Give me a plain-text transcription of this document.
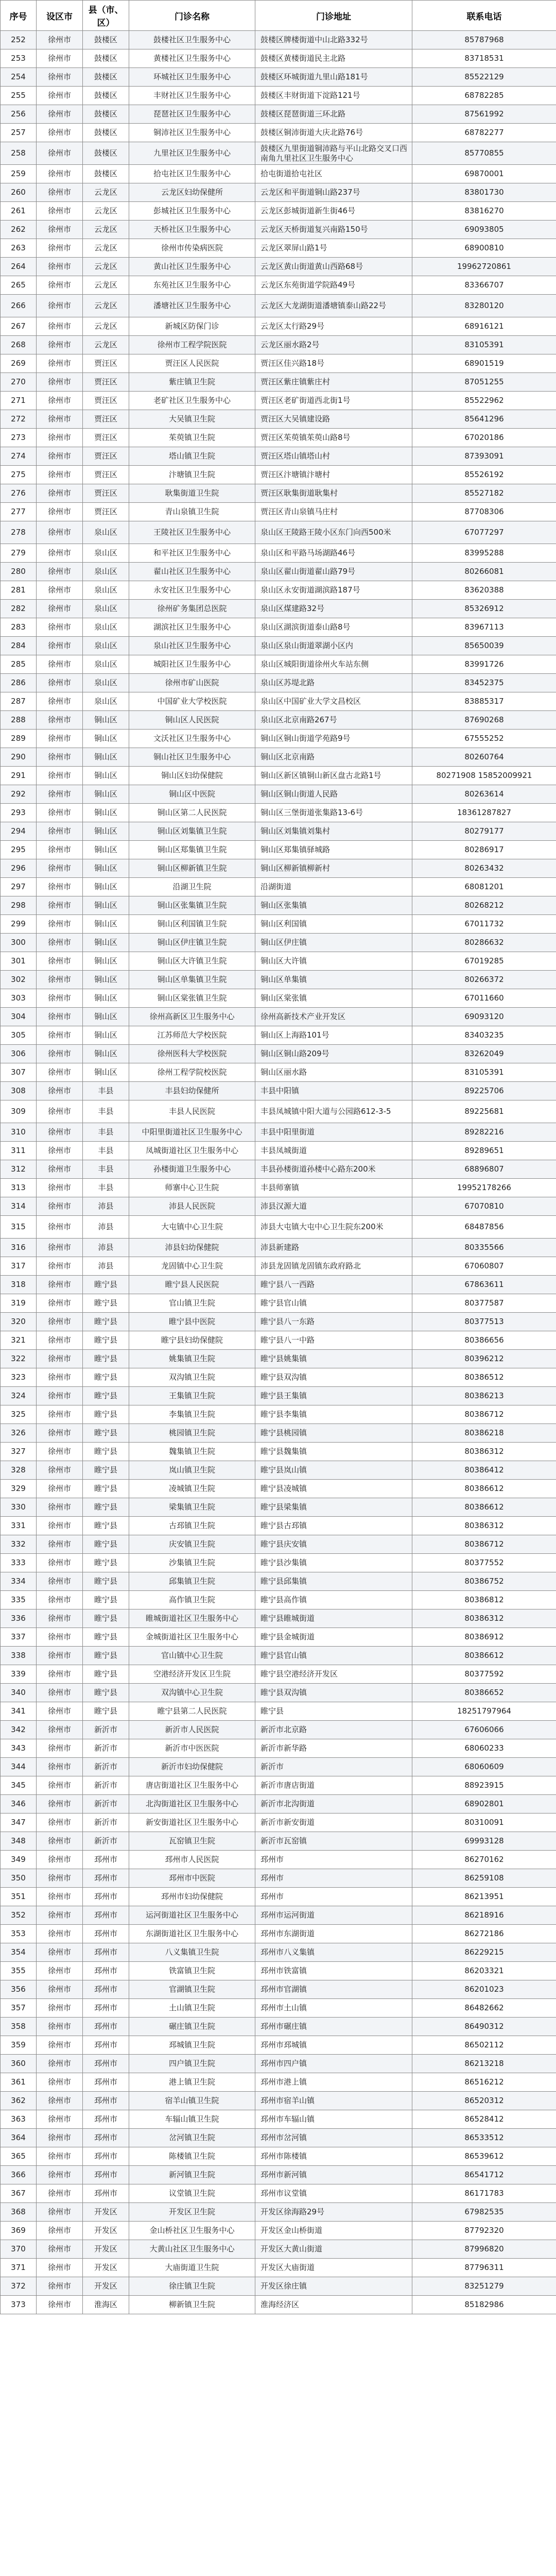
序号	设区市	县（市、区）	门诊名称	门诊地址	联系电话
252	徐州市	鼓楼区	鼓楼社区卫生服务中心	鼓楼区牌楼街道中山北路332号	85787968
253	徐州市	鼓楼区	黄楼社区卫生服务中心	鼓楼区黄楼街道民主北路	83718531
254	徐州市	鼓楼区	环城社区卫生服务中心	鼓楼区环城街道九里山路181号	85522129
255	徐州市	鼓楼区	丰财社区卫生服务中心	鼓楼区丰财街道下淀路121号	68782285
256	徐州市	鼓楼区	琵琶社区卫生服务中心	鼓楼区琵琶街道三环北路	87561992
257	徐州市	鼓楼区	铜沛社区卫生服务中心	鼓楼区铜沛街道大庆北路76号	68782277
258	徐州市	鼓楼区	九里社区卫生服务中心	鼓楼区九里街道铜沛路与平山北路交叉口西南角九里社区卫生服务中心	85770855
259	徐州市	鼓楼区	拾屯社区卫生服务中心	拾屯街道拾屯社区	69870001
260	徐州市	云龙区	云龙区妇幼保健所	云龙区和平街道铜山路237号	83801730
261	徐州市	云龙区	彭城社区卫生服务中心	云龙区彭城街道新生街46号	83816270
262	徐州市	云龙区	天桥社区卫生服务中心	云龙区天桥街道复兴南路150号	69093805
263	徐州市	云龙区	徐州市传染病医院	云龙区翠屏山路1号	68900810
264	徐州市	云龙区	黄山社区卫生服务中心	云龙区黄山街道黄山西路68号	19962720861
265	徐州市	云龙区	东苑社区卫生服务中心	云龙区东苑街道学院路49号	83366707
266	徐州市	云龙区	潘塘社区卫生服务中心	云龙区大龙湖街道潘塘镇泰山路22号	83280120
267	徐州市	云龙区	新城区防保门诊	云龙区太行路29号	68916121
268	徐州市	云龙区	徐州市工程学院医院	云龙区丽水路2号	83105391
269	徐州市	贾汪区	贾汪区人民医院	贾汪区佳兴路18号	68901519
270	徐州市	贾汪区	紫庄镇卫生院	贾汪区紫庄镇紫庄村	87051255
271	徐州市	贾汪区	老矿社区卫生服务中心	贾汪区老矿街道西北街1号	85522962
272	徐州市	贾汪区	大吴镇卫生院	贾汪区大吴镇建设路	85641296
273	徐州市	贾汪区	茱萸镇卫生院	贾汪区茱萸镇茱萸山路8号	67020186
274	徐州市	贾汪区	塔山镇卫生院	贾汪区塔山镇塔山村	87393091
275	徐州市	贾汪区	汴塘镇卫生院	贾汪区汴塘镇汴塘村	85526192
276	徐州市	贾汪区	耿集街道卫生院	贾汪区耿集街道耿集村	85527182
277	徐州市	贾汪区	青山泉镇卫生院	贾汪区青山泉镇马庄村	87708306
278	徐州市	泉山区	王陵社区卫生服务中心	泉山区王陵路王陵小区东门向西500米	67077297
279	徐州市	泉山区	和平社区卫生服务中心	泉山区和平路马场湖路46号	83995288
280	徐州市	泉山区	翟山社区卫生服务中心	泉山区翟山街道翟山路79号	80266081
281	徐州市	泉山区	永安社区卫生服务中心	泉山区永安街道湖滨路187号	83620388
282	徐州市	泉山区	徐州矿务集团总医院	泉山区煤建路32号	85326912
283	徐州市	泉山区	湖滨社区卫生服务中心	泉山区湖滨街道泰山路8号	83967113
284	徐州市	泉山区	泉山社区卫生服务中心	泉山区泉山街道翠湖小区内	85650039
285	徐州市	泉山区	城阳社区卫生服务中心	泉山区城阳街道徐州火车站东侧	83991726
286	徐州市	泉山区	徐州市矿山医院	泉山区苏堤北路	83452375
287	徐州市	泉山区	中国矿业大学校医院	泉山区中国矿业大学文昌校区	83885317
288	徐州市	铜山区	铜山区人民医院	泉山区北京南路267号	87690268
289	徐州市	铜山区	文沃社区卫生服务中心	铜山区铜山街道学苑路9号	67555252
290	徐州市	铜山区	铜山社区卫生服务中心	铜山区北京南路	80260764
291	徐州市	铜山区	铜山区妇幼保健院	铜山区新区镇铜山新区盘古北路1号	80271908 15852009921
292	徐州市	铜山区	铜山区中医院	铜山区铜山街道人民路	80263614
293	徐州市	铜山区	铜山区第二人民医院	铜山区三堡街道张集路13-6号	18361287827
294	徐州市	铜山区	铜山区刘集镇卫生院	铜山区刘集镇刘集村	80279177
295	徐州市	铜山区	铜山区郑集镇卫生院	铜山区郑集镇驿城路	80286917
296	徐州市	铜山区	铜山区柳新镇卫生院	铜山区柳新镇柳新村	80263432
297	徐州市	铜山区	沿湖卫生院	沿湖街道	68081201
298	徐州市	铜山区	铜山区张集镇卫生院	铜山区张集镇	80268212
299	徐州市	铜山区	铜山区利国镇卫生院	铜山区利国镇	67011732
300	徐州市	铜山区	铜山区伊庄镇卫生院	铜山区伊庄镇	80286632
301	徐州市	铜山区	铜山区大许镇卫生院	铜山区大许镇	67019285
302	徐州市	铜山区	铜山区单集镇卫生院	铜山区单集镇	80266372
303	徐州市	铜山区	铜山区棠张镇卫生院	铜山区棠张镇	67011660
304	徐州市	铜山区	徐州高新区卫生服务中心	徐州高新技术产业开发区	69093120
305	徐州市	铜山区	江苏师范大学校医院	铜山区上海路101号	83403235
306	徐州市	铜山区	徐州医科大学校医院	铜山区铜山路209号	83262049
307	徐州市	铜山区	徐州工程学院校医院	铜山区丽水路	83105391
308	徐州市	丰县	丰县妇幼保健所	丰县中阳镇	89225706
309	徐州市	丰县	丰县人民医院	丰县凤城镇中阳大道与公园路612-3-5	89225681
310	徐州市	丰县	中阳里街道社区卫生服务中心	丰县中阳里街道	89282216
311	徐州市	丰县	凤城街道社区卫生服务中心	丰县凤城街道	89289651
312	徐州市	丰县	孙楼街道卫生服务中心	丰县孙楼街道孙楼中心路东200米	68896807
313	徐州市	丰县	师寨中心卫生院	丰县师寨镇	19952178266
314	徐州市	沛县	沛县人民医院	沛县汉源大道	67070810
315	徐州市	沛县	大屯镇中心卫生院	沛县大屯镇大屯中心卫生院东200米	68487856
316	徐州市	沛县	沛县妇幼保健院	沛县新建路	80335566
317	徐州市	沛县	龙固镇中心卫生院	沛县龙固镇龙固镇东政府路北	67060807
318	徐州市	睢宁县	睢宁县人民医院	睢宁县八一西路	67863611
319	徐州市	睢宁县	官山镇卫生院	睢宁县官山镇	80377587
320	徐州市	睢宁县	睢宁县中医院	睢宁县八一东路	80377513
321	徐州市	睢宁县	睢宁县妇幼保健院	睢宁县八一中路	80386656
322	徐州市	睢宁县	姚集镇卫生院	睢宁县姚集镇	80396212
323	徐州市	睢宁县	双沟镇卫生院	睢宁县双沟镇	80386512
324	徐州市	睢宁县	王集镇卫生院	睢宁县王集镇	80386213
325	徐州市	睢宁县	李集镇卫生院	睢宁县李集镇	80386712
326	徐州市	睢宁县	桃园镇卫生院	睢宁县桃园镇	80386218
327	徐州市	睢宁县	魏集镇卫生院	睢宁县魏集镇	80386312
328	徐州市	睢宁县	岚山镇卫生院	睢宁县岚山镇	80386412
329	徐州市	睢宁县	凌城镇卫生院	睢宁县凌城镇	80386612
330	徐州市	睢宁县	梁集镇卫生院	睢宁县梁集镇	80386612
331	徐州市	睢宁县	古邳镇卫生院	睢宁县古邳镇	80386312
332	徐州市	睢宁县	庆安镇卫生院	睢宁县庆安镇	80386712
333	徐州市	睢宁县	沙集镇卫生院	睢宁县沙集镇	80377552
334	徐州市	睢宁县	邱集镇卫生院	睢宁县邱集镇	80386752
335	徐州市	睢宁县	高作镇卫生院	睢宁县高作镇	80386812
336	徐州市	睢宁县	睢城街道社区卫生服务中心	睢宁县睢城街道	80386312
337	徐州市	睢宁县	金城街道社区卫生服务中心	睢宁县金城街道	80386912
338	徐州市	睢宁县	官山镇中心卫生院	睢宁县官山镇	80386612
339	徐州市	睢宁县	空港经济开发区卫生院	睢宁县空港经济开发区	80377592
340	徐州市	睢宁县	双沟镇中心卫生院	睢宁县双沟镇	80386652
341	徐州市	睢宁县	睢宁县第二人民医院	睢宁县	18251797964
342	徐州市	新沂市	新沂市人民医院	新沂市北京路	67606066
343	徐州市	新沂市	新沂市中医医院	新沂市新华路	68060233
344	徐州市	新沂市	新沂市妇幼保健院	新沂市	68060609
345	徐州市	新沂市	唐店街道社区卫生服务中心	新沂市唐店街道	88923915
346	徐州市	新沂市	北沟街道社区卫生服务中心	新沂市北沟街道	68902801
347	徐州市	新沂市	新安街道社区卫生服务中心	新沂市新安街道	80310091
348	徐州市	新沂市	瓦窑镇卫生院	新沂市瓦窑镇	69993128
349	徐州市	邳州市	邳州市人民医院	邳州市	86270162
350	徐州市	邳州市	邳州市中医院	邳州市	86259108
351	徐州市	邳州市	邳州市妇幼保健院	邳州市	86213951
352	徐州市	邳州市	运河街道社区卫生服务中心	邳州市运河街道	86218916
353	徐州市	邳州市	东湖街道社区卫生服务中心	邳州市东湖街道	86272186
354	徐州市	邳州市	八义集镇卫生院	邳州市八义集镇	86229215
355	徐州市	邳州市	铁富镇卫生院	邳州市铁富镇	86203321
356	徐州市	邳州市	官湖镇卫生院	邳州市官湖镇	86201023
357	徐州市	邳州市	土山镇卫生院	邳州市土山镇	86482662
358	徐州市	邳州市	碾庄镇卫生院	邳州市碾庄镇	86490312
359	徐州市	邳州市	邳城镇卫生院	邳州市邳城镇	86502112
360	徐州市	邳州市	四户镇卫生院	邳州市四户镇	86213218
361	徐州市	邳州市	港上镇卫生院	邳州市港上镇	86516212
362	徐州市	邳州市	宿羊山镇卫生院	邳州市宿羊山镇	86520312
363	徐州市	邳州市	车辐山镇卫生院	邳州市车辐山镇	86528412
364	徐州市	邳州市	岔河镇卫生院	邳州市岔河镇	86533512
365	徐州市	邳州市	陈楼镇卫生院	邳州市陈楼镇	86539612
366	徐州市	邳州市	新河镇卫生院	邳州市新河镇	86541712
367	徐州市	邳州市	议堂镇卫生院	邳州市议堂镇	86171783
368	徐州市	开发区	开发区卫生院	开发区徐海路29号	67982535
369	徐州市	开发区	金山桥社区卫生服务中心	开发区金山桥街道	87792320
370	徐州市	开发区	大黄山社区卫生服务中心	开发区大黄山街道	87996820
371	徐州市	开发区	大庙街道卫生院	开发区大庙街道	87796311
372	徐州市	开发区	徐庄镇卫生院	开发区徐庄镇	83251279
373	徐州市	淮海区	柳新镇卫生院	淮海经济区	85182986
